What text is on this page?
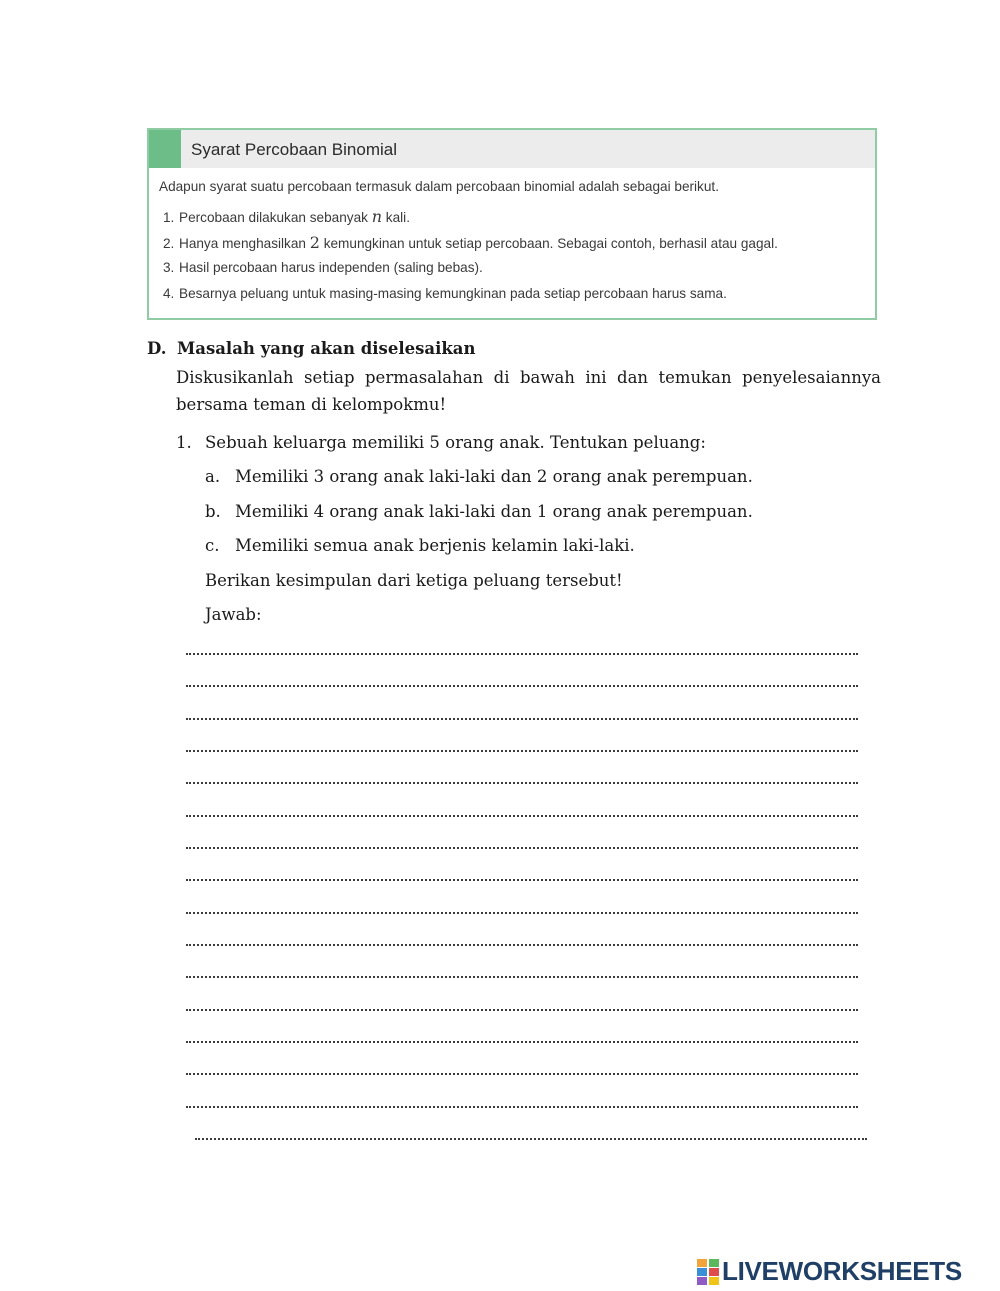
Syarat Percobaan Binomial
Adapun syarat suatu percobaan termasuk dalam percobaan binomial adalah sebagai berikut.
1. Percobaan dilakukan sebanyak n kali.
2. Hanya menghasilkan 2 kemungkinan untuk setiap percobaan. Sebagai contoh, berhasil atau gagal.
3. Hasil percobaan harus independen (saling bebas).
4. Besarnya peluang untuk masing-masing kemungkinan pada setiap percobaan harus sama.
D. Masalah yang akan diselesaikan
Diskusikanlah setiap permasalahan di bawah ini dan temukan penyelesaiannya bersama teman di kelompokmu!
1. Sebuah keluarga memiliki 5 orang anak. Tentukan peluang:
a. Memiliki 3 orang anak laki-laki dan 2 orang anak perempuan.
b. Memiliki 4 orang anak laki-laki dan 1 orang anak perempuan.
c. Memiliki semua anak berjenis kelamin laki-laki.
Berikan kesimpulan dari ketiga peluang tersebut!
Jawab:
LIVEWORKSHEETS
